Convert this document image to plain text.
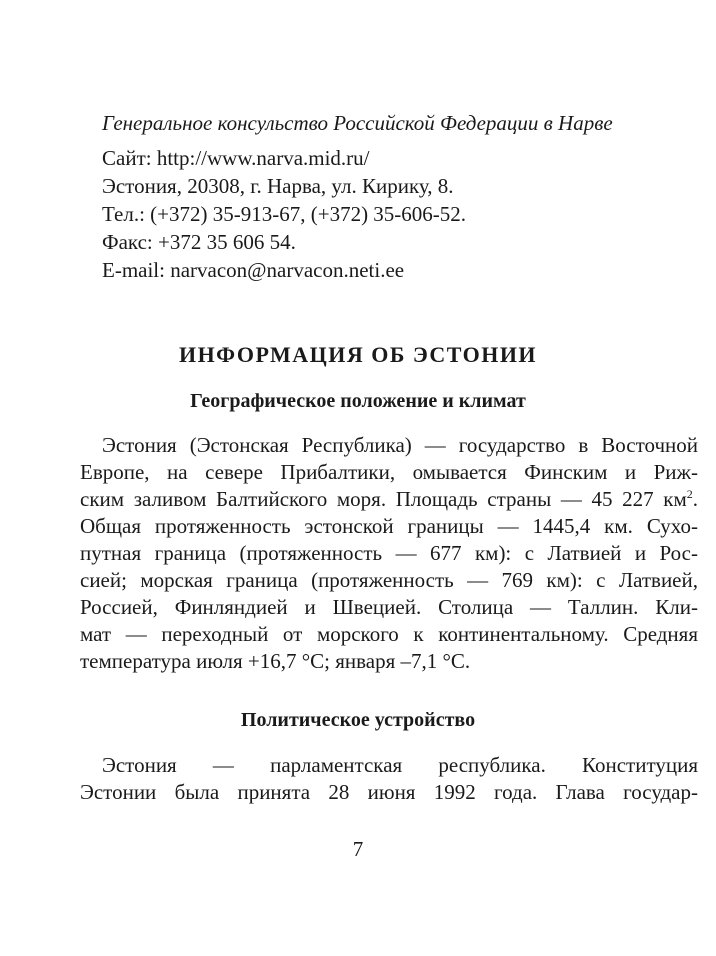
Генеральное консульство Российской Федерации в Нарве
Сайт: http://www.narva.mid.ru/
Эстония, 20308, г. Нарва, ул. Кирику, 8.
Тел.: (+372) 35-913-67, (+372) 35-606-52.
Факс: +372 35 606 54.
E-mail: narvacon@narvacon.neti.ee
ИНФОРМАЦИЯ ОБ ЭСТОНИИ
Географическое положение и климат
Эстония (Эстонская Республика) — государство в Восточной
Европе, на севере Прибалтики, омывается Финским и Риж-
ским заливом Балтийского моря. Площадь страны — 45 227 $км^2$.
Общая протяженность эстонской границы — 1445,4 км. Сухо-
путная граница (протяженность — 677 км): с Латвией и Рос-
сией; морская граница (протяженность — 769 км): с Латвией,
Россией, Финляндией и Швецией. Столица — Таллин. Кли-
мат — переходный от морского к континентальному. Средняя
температура июля +16,7 °С; января –7,1 °С.
Политическое устройство
Эстония — парламентская республика. Конституция
Эстонии была принята 28 июня 1992 года. Глава государ-
7
